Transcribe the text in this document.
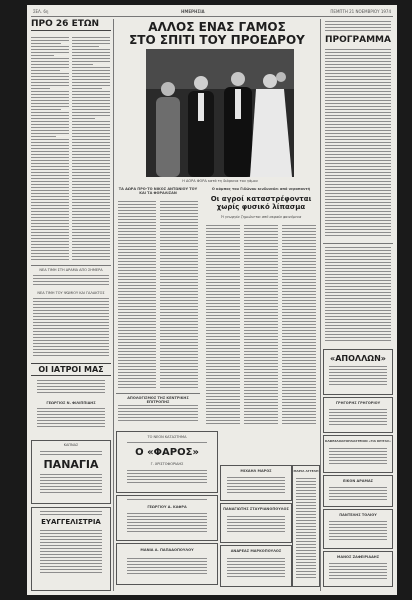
ΣΕΛ. 6η	ΗΜΕΡΗΣΙΑ	ΠΕΜΠΤΗ 21 ΝΟΕΜΒΡΙΟΥ 1974
ΠΡΟ 26 ΕΤΩΝ
ΝΕΑ ΤΙΜΗ ΣΤΗ ΔΡΑΜΑ ΑΠΟ ΣΗΜΕΡΑ
ΝΕΑ ΤΙΜΗ ΤΟΥ ΨΩΜΙΟΥ ΚΑΙ ΓΑΛΑΚΤΟΣ
ΟΙ ΙΑΤΡΟΙ ΜΑΣ
ΓΕΩΡΓΙΟΣ Ν. ΦΙΛΙΠΠΙΔΗΣ
ΚΑΠΝΑΣ
ΠΑΝΑΓΙΑ
ΕΥΑΓΓΕΛΙΣΤΡΙΑ
ΑΛΛΟΣ ΕΝΑΣ ΓΑΜΟΣ
ΣΤΟ ΣΠΙΤΙ ΤΟΥ ΠΡΟΕΔΡΟΥ
Η ΔΟΡΑ ΦΟΡΔ κατά τη διάρκεια του γάμου
ΤΑ ΔΩΡΑ ΠΡΟ-ΤΟ ΝΙΚΟΣ ΑΝΤΩΝΙΟΥ ΤΟΥ ΚΑΙ ΤΑ ΦΟΡΑΛΙΣΑΝ
Ο κάμπος του Γιδώνου κινδυνεύει από νεροποντή
Οι αγροί καταστρέφονται χωρίς φυσικό λίπασμα
Ή γεωργία ζημιώνεται από ακραία φαινόμενα
ΑΠΟΛΟΓΙΣΜΟΣ ΤΗΣ ΚΕΝΤΡΙΚΗΣ ΕΠΙΤΡΟΠΗΣ
ΤΟ ΝΕΟΝ ΚΑΤΑΣΤΗΜΑ
Ο «ΦΑΡΟΣ»
Γ. ΧΡΙΣΤΟΦΟΡΙΔΗΣ
ΓΕΩΡΓΙΟΥ Δ. ΚΑΦΡΑ
ΜΑΝΙΑ Α. ΠΑΠΑΔΟΠΟΥΛΟΥ
ΜΙΧΑΗΛ ΜΑΡΟΣ
ΠΑΝΑΓΙΩΤΗΣ ΣΤΑΥΡΙΑΝΟΠΟΥΛΟΣ
ΑΝΔΡΕΑΣ ΜΑΡΚΟΠΟΥΛΟΣ
ΜΑΡΙΑ ΑΓΓΕΛΗ
ΠΡΟΓΡΑΜΜΑ
«ΑΠΟΛΛΩΝ»
ΓΡΗΓΟΡΗΣ ΓΡΗΓΟΡΙΟΥ
ΚΑΦΕΖΑΧΑΡΟΠΛΑΣΤΕΙΟΝ «ΓΙΑ ΚΡΙΤΑΣ»
ΕΙΚΟΝ ΔΡΑΜΑΣ
ΠΑΝΤΕΛΗΣ ΤΟΛΙΟΥ
ΜΑΝΟΣ ΖΑΦΕΙΡΙΑΔΗΣ
